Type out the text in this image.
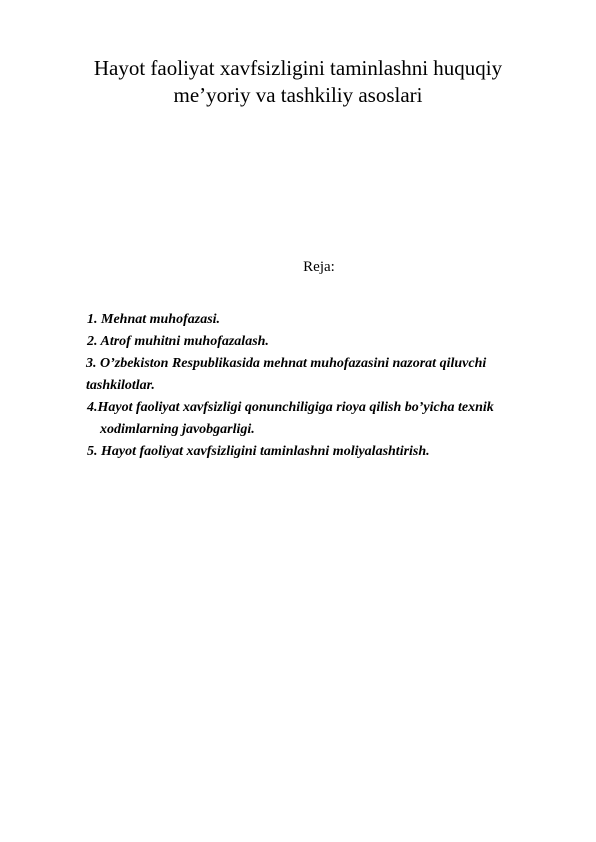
Hayot faoliyat xavfsizligini taminlashni huquqiy
me’yoriy va tashkiliy asoslari
Reja:
1. Mehnat muhofazasi.
2. Atrof muhitni muhofazalash.
3. O’zbekiston Respublikasida mehnat muhofazasini nazorat qiluvchi
tashkilotlar.
4.Hayot faoliyat xavfsizligi qonunchiligiga rioya qilish bo’yicha texnik
xodimlarning javobgarligi.
5. Hayot faoliyat xavfsizligini taminlashni moliyalashtirish.
